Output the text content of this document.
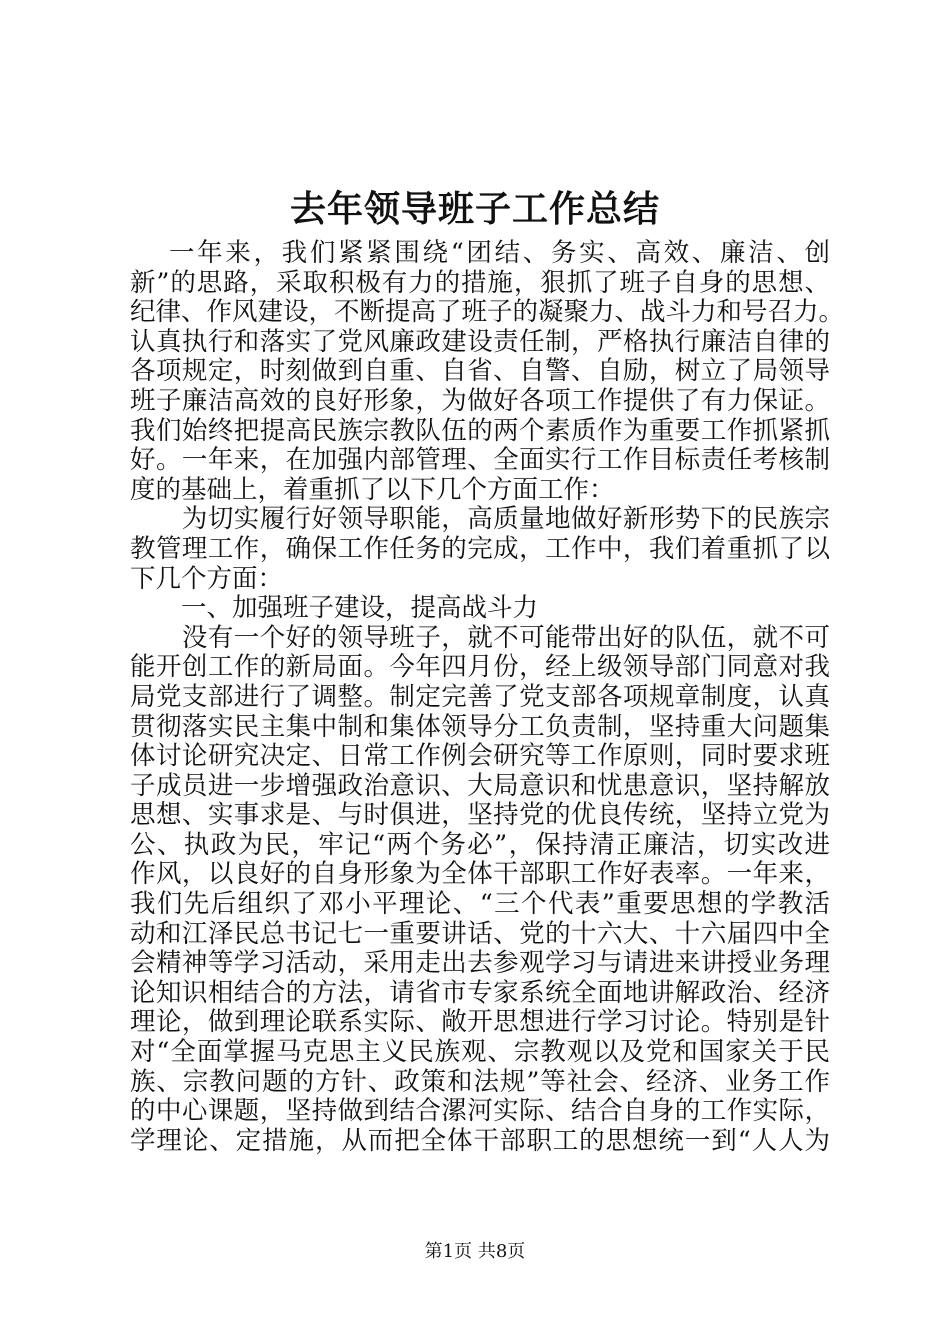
去年领导班子工作总结
　 一年来，我们紧紧围绕“团结、务实、高效、廉洁、创
新”的思路，采取积极有力的措施，狠抓了班子自身的思想、
纪律、作风建设，不断提高了班子的凝聚力、战斗力和号召力。
认真执行和落实了党风廉政建设责任制，严格执行廉洁自律的
各项规定，时刻做到自重、自省、自警、自励，树立了局领导
班子廉洁高效的良好形象，为做好各项工作提供了有力保证。
我们始终把提高民族宗教队伍的两个素质作为重要工作抓紧抓
好。一年来，在加强内部管理、全面实行工作目标责任考核制
度的基础上，着重抓了以下几个方面工作：
　　为切实履行好领导职能，高质量地做好新形势下的民族宗
教管理工作，确保工作任务的完成，工作中，我们着重抓了以
下几个方面：
　　一、加强班子建设，提高战斗力
　　没有一个好的领导班子，就不可能带出好的队伍，就不可
能开创工作的新局面。今年四月份，经上级领导部门同意对我
局党支部进行了调整。制定完善了党支部各项规章制度，认真
贯彻落实民主集中制和集体领导分工负责制，坚持重大问题集
体讨论研究决定、日常工作例会研究等工作原则，同时要求班
子成员进一步增强政治意识、大局意识和忧患意识，坚持解放
思想、实事求是、与时俱进，坚持党的优良传统，坚持立党为
公、执政为民，牢记“两个务必”，保持清正廉洁，切实改进
作风，以良好的自身形象为全体干部职工作好表率。一年来，
我们先后组织了邓小平理论、“三个代表”重要思想的学教活
动和江泽民总书记七一重要讲话、党的十六大、十六届四中全
会精神等学习活动，采用走出去参观学习与请进来讲授业务理
论知识相结合的方法，请省市专家系统全面地讲解政治、经济
理论，做到理论联系实际、敞开思想进行学习讨论。特别是针
对“全面掌握马克思主义民族观、宗教观以及党和国家关于民
族、宗教问题的方针、政策和法规”等社会、经济、业务工作
的中心课题，坚持做到结合漯河实际、结合自身的工作实际，
学理论、定措施，从而把全体干部职工的思想统一到“人人为
第1页 共8页
